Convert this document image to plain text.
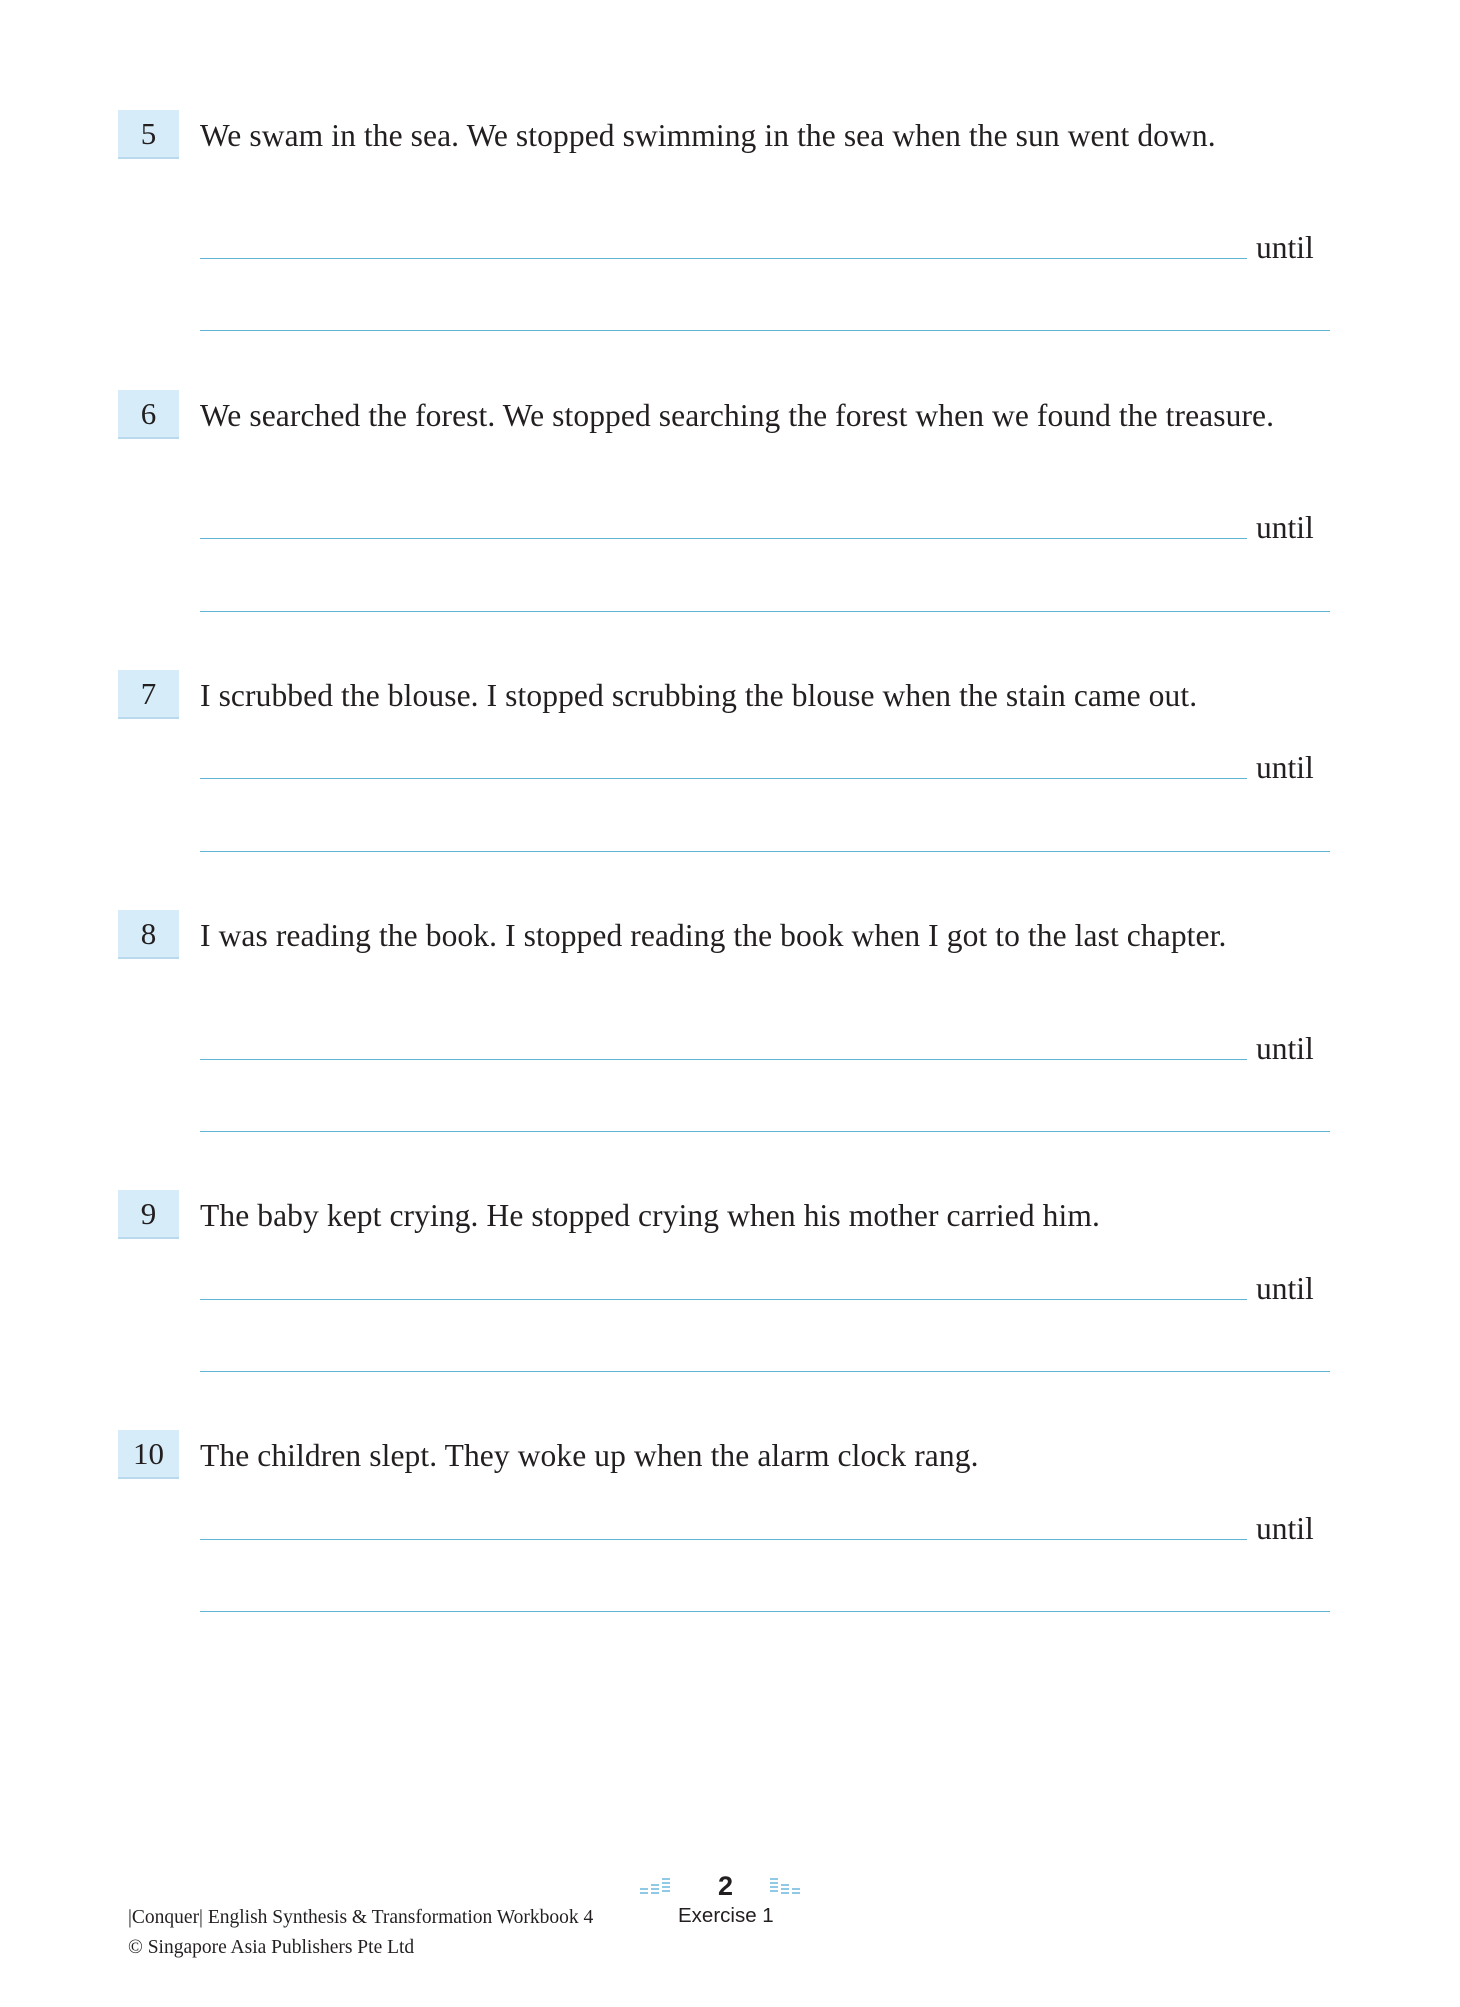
5	We swam in the sea. We stopped swimming in the sea when the sun went down.
until
6	We searched the forest. We stopped searching the forest when we found the treasure.
until
7	I scrubbed the blouse. I stopped scrubbing the blouse when the stain came out.
until
8	I was reading the book. I stopped reading the book when I got to the last chapter.
until
9	The baby kept crying. He stopped crying when his mother carried him.
until
10	The children slept. They woke up when the alarm clock rang.
until
2
Exercise 1
|Conquer| English Synthesis & Transformation Workbook 4
© Singapore Asia Publishers Pte Ltd
